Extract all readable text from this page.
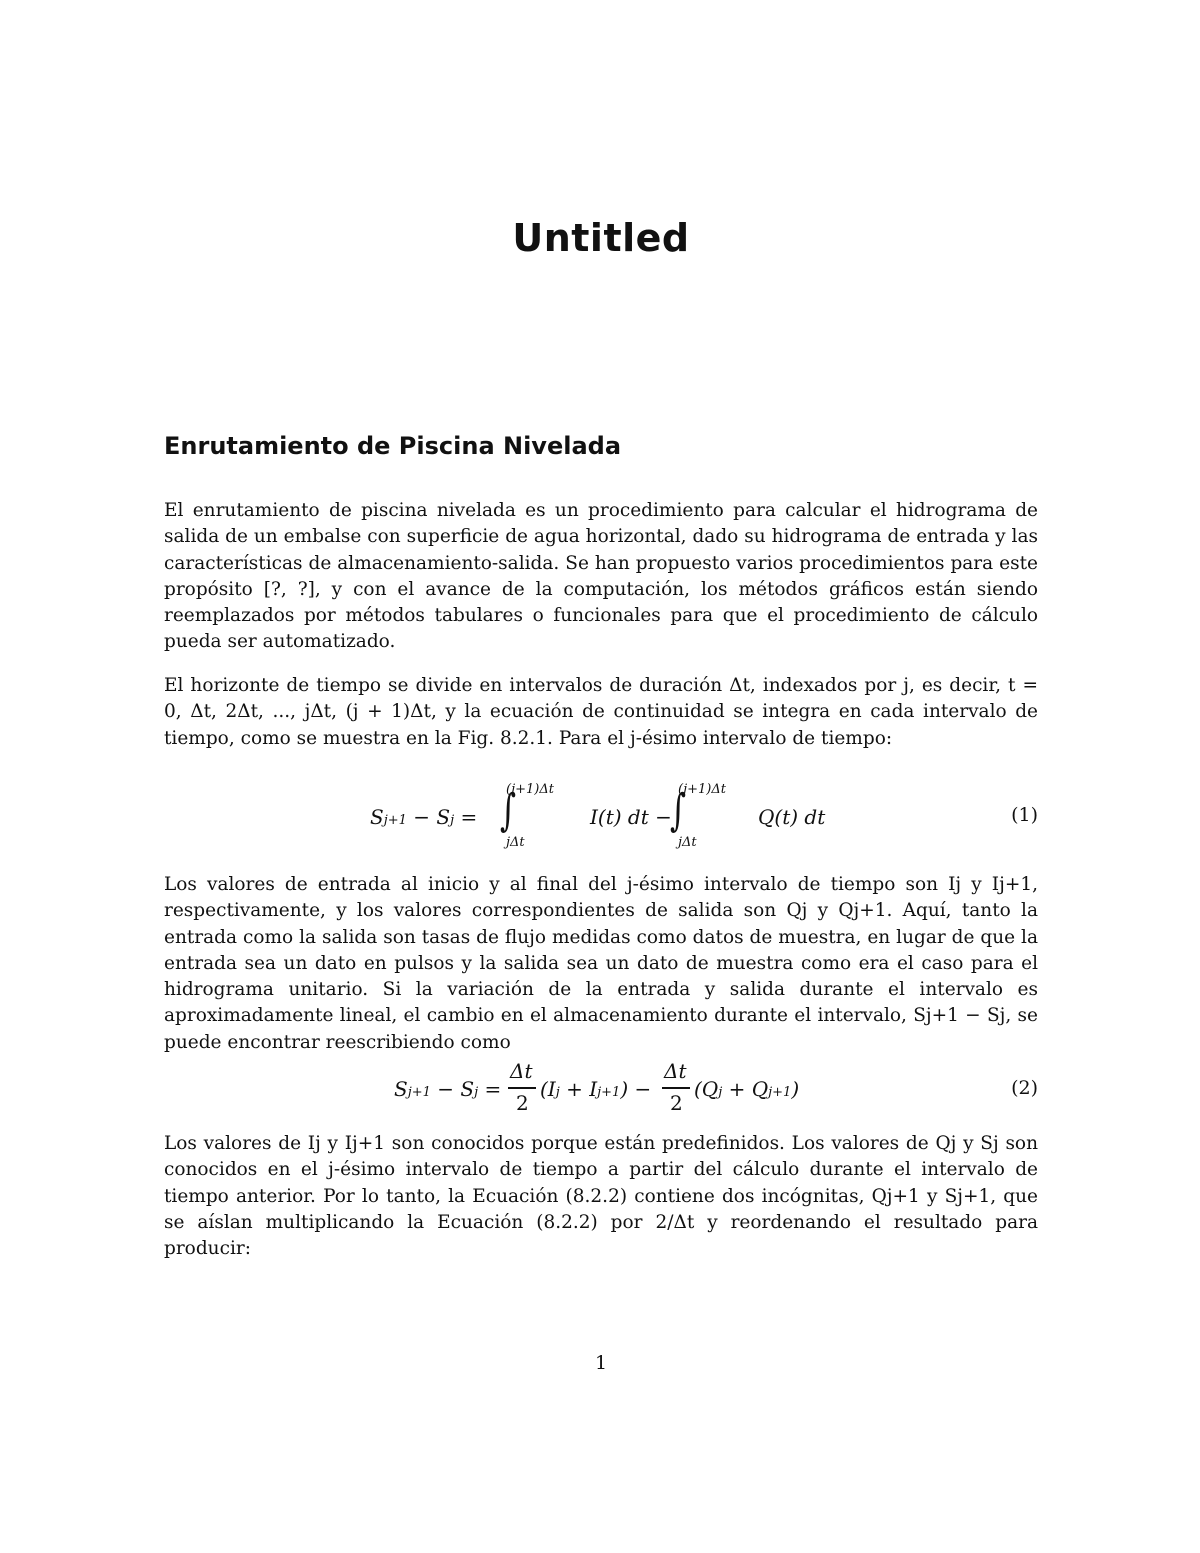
Untitled
Enrutamiento de Piscina Nivelada

El enrutamiento de piscina nivelada es un procedimiento para calcular el hidrograma de salida de un embalse con superficie de agua horizontal, dado su hidrograma de entrada y las características de almacenamiento-salida. Se han propuesto varios procedimientos para este propósito [?, ?], y con el avance de la computación, los métodos gráficos están siendo reemplazados por métodos tabulares o funcionales para que el procedimiento de cálculo pueda ser automatizado.

El horizonte de tiempo se divide en intervalos de duración Δt, indexados por j, es decir, t = 0, Δt, 2Δt, ..., jΔt, (j + 1)Δt, y la ecuación de continuidad se integra en cada intervalo de tiempo, como se muestra en la Fig. 8.2.1. Para el j-ésimo intervalo de tiempo:

Sj+1 − Sj = ∫
(j+1)Δt
jΔt
I(t) dt −
∫
(j+1)Δt
jΔt
Q(t) dt	(1)

Los valores de entrada al inicio y al final del j-ésimo intervalo de tiempo son Ij y Ij+1, respectivamente, y los valores correspondientes de salida son Qj y Qj+1. Aquí, tanto la entrada como la salida son tasas de flujo medidas como datos de muestra, en lugar de que la entrada sea un dato en pulsos y la salida sea un dato de muestra como era el caso para el hidrograma unitario. Si la variación de la entrada y salida durante el intervalo es aproximadamente lineal, el cambio en el almacenamiento durante el intervalo, Sj+1 − Sj, se puede encontrar reescribiendo como

Sj+1 − Sj =
Δt
2
(Ij + Ij+1) −
Δt
2
(Qj + Qj+1)	(2)

Los valores de Ij y Ij+1 son conocidos porque están predefinidos. Los valores de Qj y Sj son conocidos en el j-ésimo intervalo de tiempo a partir del cálculo durante el intervalo de tiempo anterior. Por lo tanto, la Ecuación (8.2.2) contiene dos incógnitas, Qj+1 y Sj+1, que se aíslan multiplicando la Ecuación (8.2.2) por 2/Δt y reordenando el resultado para producir:

1
